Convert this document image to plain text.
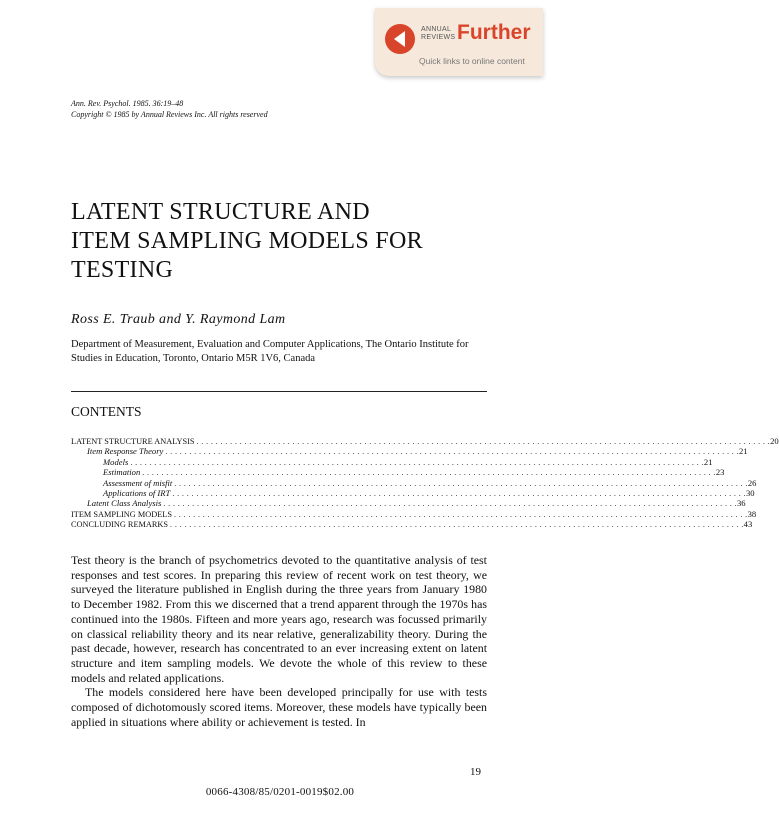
ANNUAL
REVIEWS Further
Quick links to online content
Ann. Rev. Psychol. 1985. 36:19–48
Copyright © 1985 by Annual Reviews Inc. All rights reserved
LATENT STRUCTURE AND
ITEM SAMPLING MODELS FOR
TESTING
Ross E. Traub and Y. Raymond Lam
Department of Measurement, Evaluation and Computer Applications, The Ontario Institute for Studies in Education, Toronto, Ontario M5R 1V6, Canada
CONTENTS
LATENT STRUCTURE ANALYSIS . . . . . . . . . . . . . . . . . . . . . . . . . . . . . . . . . . . . . . . . . . . . . . . . . . . . . . . . . . . . . . . . . . . . . . . . . . . . . . . . . . . . . . . . . . . . . . . . . . . . . . . . . . . . . . . . . . . . . . . . 20
Item Response Theory . . . . . . . . . . . . . . . . . . . . . . . . . . . . . . . . . . . . . . . . . . . . . . . . . . . . . . . . . . . . . . . . . . . . . . . . . . . . . . . . . . . . . . . . . . . . . . . . . . . . . . . . . . . . . . . . . . . . . . . . 21
Models . . . . . . . . . . . . . . . . . . . . . . . . . . . . . . . . . . . . . . . . . . . . . . . . . . . . . . . . . . . . . . . . . . . . . . . . . . . . . . . . . . . . . . . . . . . . . . . . . . . . . . . . . . . . . . . . . . . . . . . . 21
Estimation . . . . . . . . . . . . . . . . . . . . . . . . . . . . . . . . . . . . . . . . . . . . . . . . . . . . . . . . . . . . . . . . . . . . . . . . . . . . . . . . . . . . . . . . . . . . . . . . . . . . . . . . . . . . . . . . . . . . . . . . 23
Assessment of misfit . . . . . . . . . . . . . . . . . . . . . . . . . . . . . . . . . . . . . . . . . . . . . . . . . . . . . . . . . . . . . . . . . . . . . . . . . . . . . . . . . . . . . . . . . . . . . . . . . . . . . . . . . . . . . . . . . . . . . . . . 26
Applications of IRT . . . . . . . . . . . . . . . . . . . . . . . . . . . . . . . . . . . . . . . . . . . . . . . . . . . . . . . . . . . . . . . . . . . . . . . . . . . . . . . . . . . . . . . . . . . . . . . . . . . . . . . . . . . . . . . . . . . . . . . . 30
Latent Class Analysis . . . . . . . . . . . . . . . . . . . . . . . . . . . . . . . . . . . . . . . . . . . . . . . . . . . . . . . . . . . . . . . . . . . . . . . . . . . . . . . . . . . . . . . . . . . . . . . . . . . . . . . . . . . . . . . . . . . . . . . . 36
ITEM SAMPLING MODELS . . . . . . . . . . . . . . . . . . . . . . . . . . . . . . . . . . . . . . . . . . . . . . . . . . . . . . . . . . . . . . . . . . . . . . . . . . . . . . . . . . . . . . . . . . . . . . . . . . . . . . . . . . . . . . . . . . . . . . . . 38
CONCLUDING REMARKS . . . . . . . . . . . . . . . . . . . . . . . . . . . . . . . . . . . . . . . . . . . . . . . . . . . . . . . . . . . . . . . . . . . . . . . . . . . . . . . . . . . . . . . . . . . . . . . . . . . . . . . . . . . . . . . . . . . . . . . . 43

Test theory is the branch of psychometrics devoted to the quantitative analysis of test responses and test scores. In preparing this review of recent work on test theory, we surveyed the literature published in English during the three years from January 1980 to December 1982. From this we discerned that a trend apparent through the 1970s has continued into the 1980s. Fifteen and more years ago, research was focussed primarily on classical reliability theory and its near relative, generalizability theory. During the past decade, however, research has concentrated to an ever increasing extent on latent structure and item sampling models. We devote the whole of this review to these models and related applications.

The models considered here have been developed principally for use with tests composed of dichotomously scored items. Moreover, these models have typically been applied in situations where ability or achievement is tested. In

19
0066-4308/85/0201-0019$02.00
